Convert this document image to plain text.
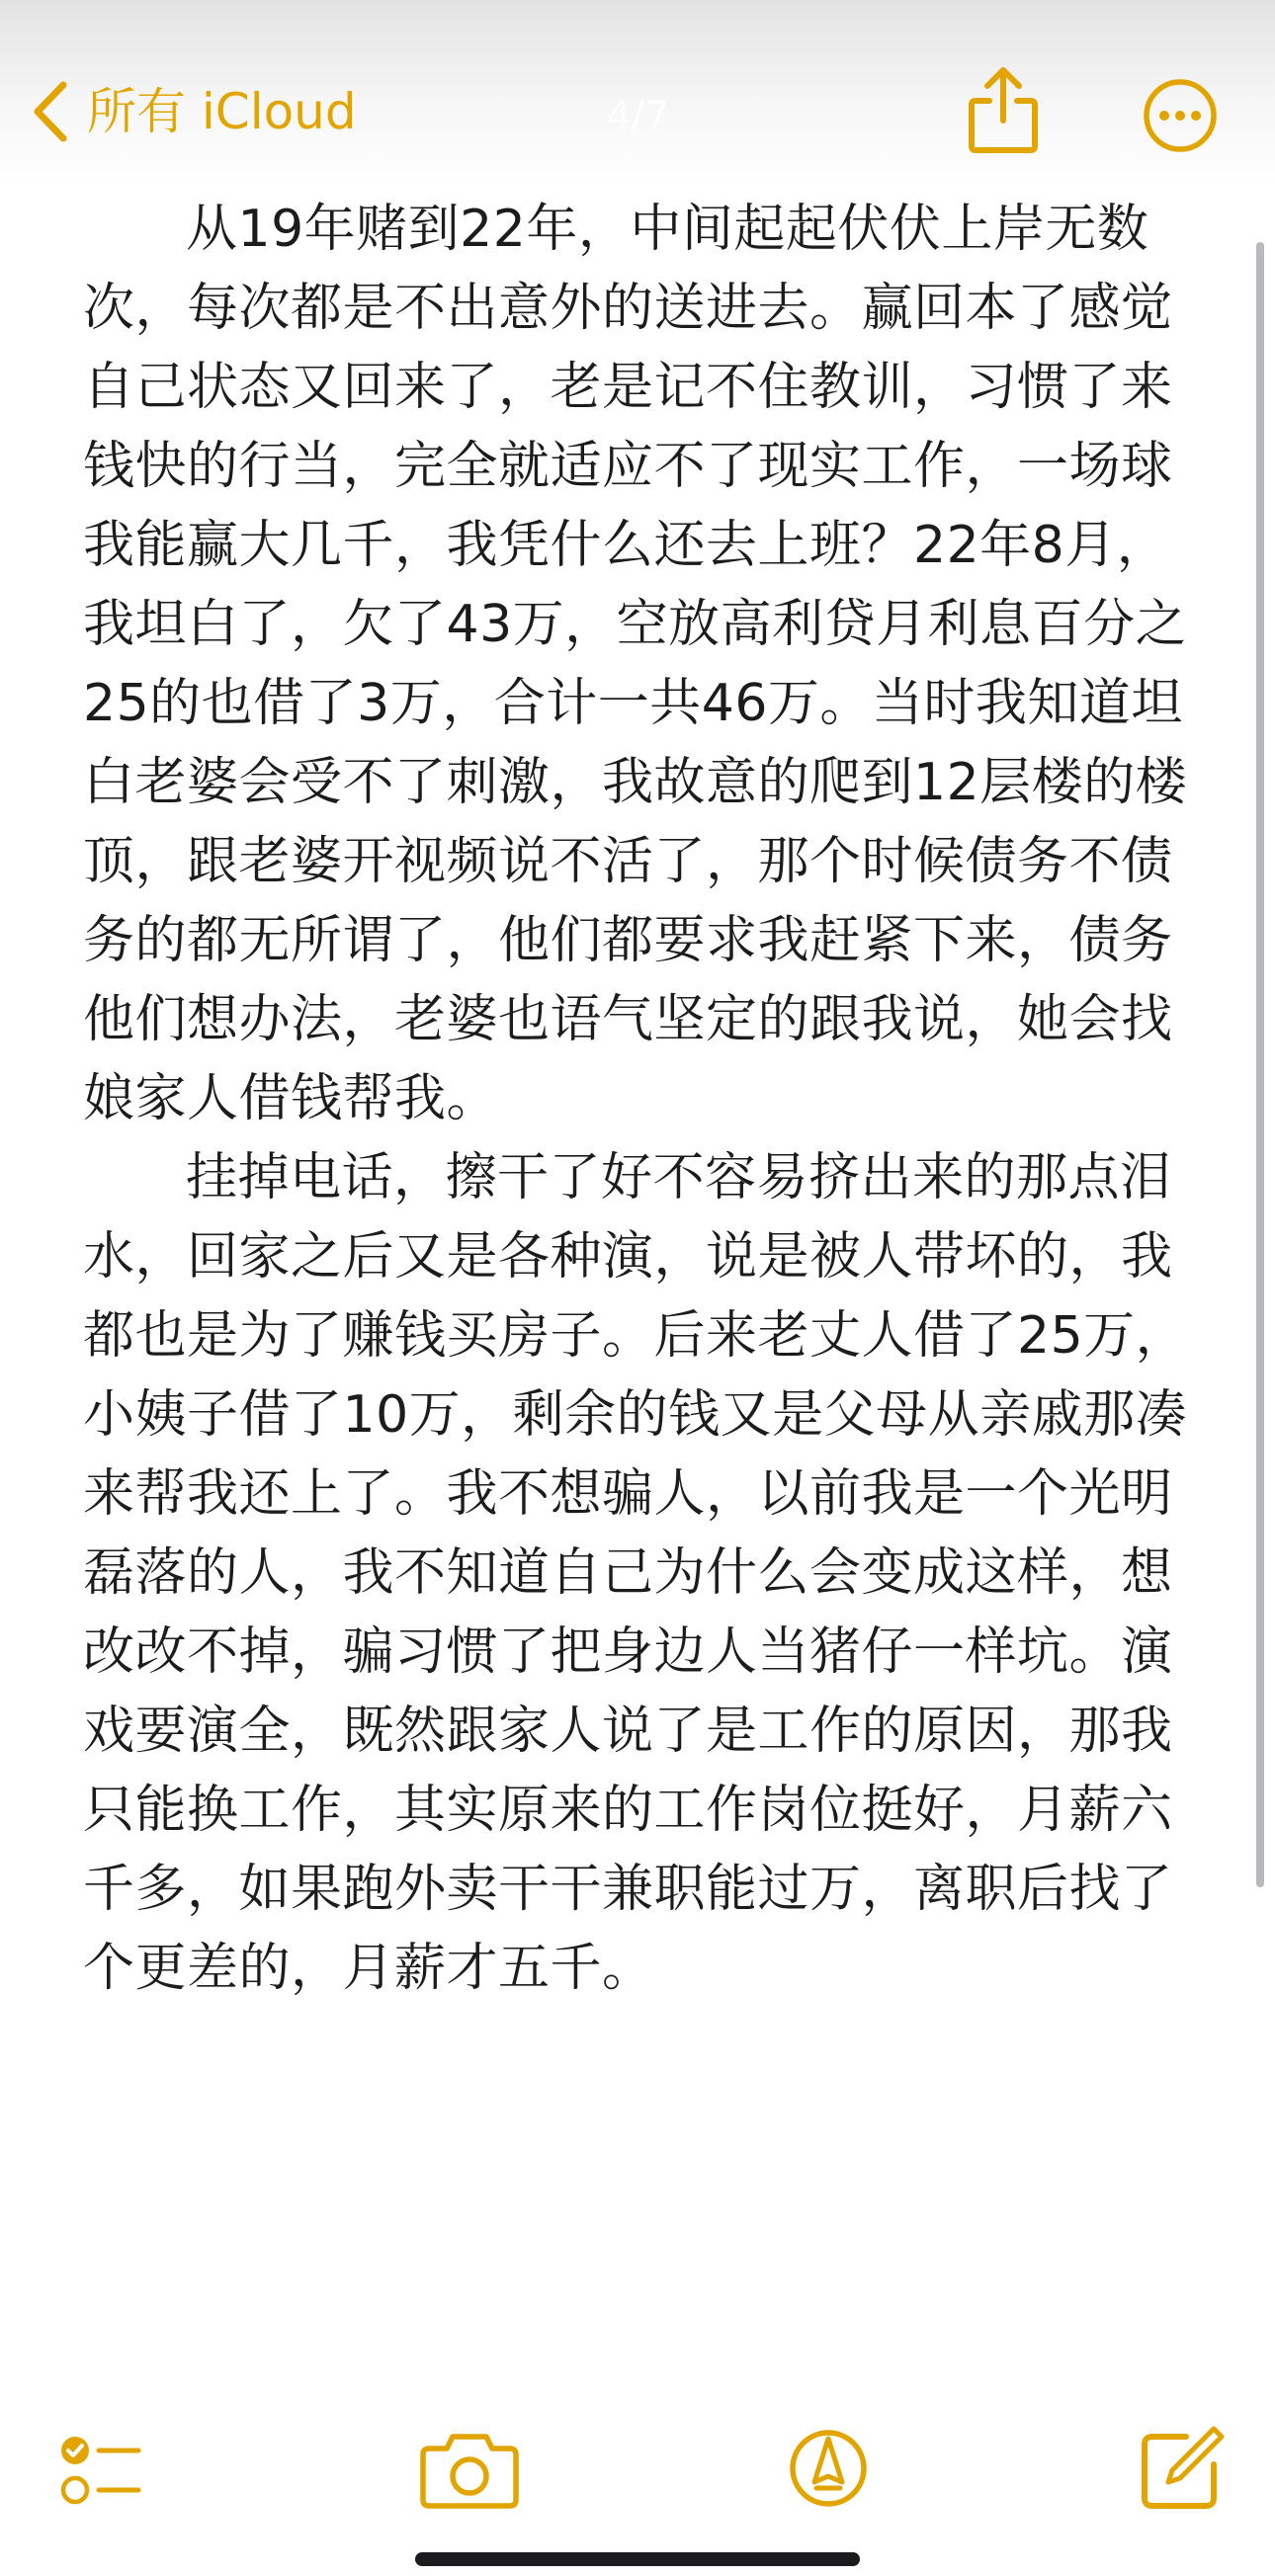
所有 iCloud	4/7

从19年赌到22年，中间起起伏伏上岸无数次，每次都是不出意外的送进去。赢回本了感觉自己状态又回来了，老是记不住教训，习惯了来钱快的行当，完全就适应不了现实工作，一场球我能赢大几千，我凭什么还去上班？22年8月，我坦白了，欠了43万，空放高利贷月利息百分之25的也借了3万，合计一共46万。当时我知道坦白老婆会受不了刺激，我故意的爬到12层楼的楼顶，跟老婆开视频说不活了，那个时候债务不债务的都无所谓了，他们都要求我赶紧下来，债务他们想办法，老婆也语气坚定的跟我说，她会找娘家人借钱帮我。

挂掉电话，擦干了好不容易挤出来的那点泪水，回家之后又是各种演，说是被人带坏的，我都也是为了赚钱买房子。后来老丈人借了25万，小姨子借了10万，剩余的钱又是父母从亲戚那凑来帮我还上了。我不想骗人，以前我是一个光明磊落的人，我不知道自己为什么会变成这样，想改改不掉，骗习惯了把身边人当猪仔一样坑。演戏要演全，既然跟家人说了是工作的原因，那我只能换工作，其实原来的工作岗位挺好，月薪六千多，如果跑外卖干干兼职能过万，离职后找了个更差的，月薪才五千。
